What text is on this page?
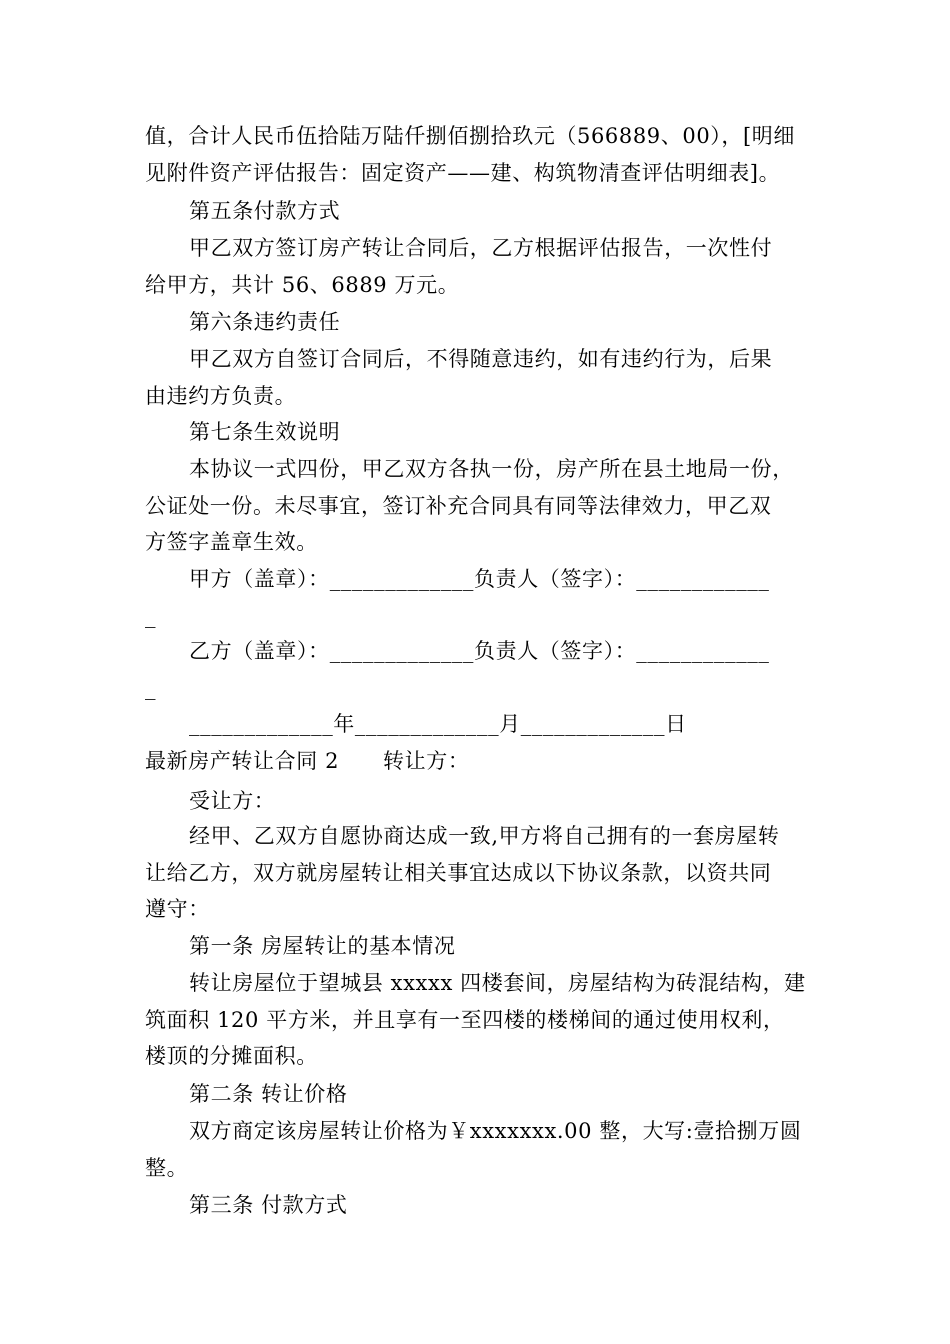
值，合计人民币伍拾陆万陆仟捌佰捌拾玖元（566889、00），[明细
见附件资产评估报告：固定资产——建、构筑物清查评估明细表]。
第五条付款方式
甲乙双方签订房产转让合同后，乙方根据评估报告，一次性付
给甲方，共计 56、6889 万元。
第六条违约责任
甲乙双方自签订合同后，不得随意违约，如有违约行为，后果
由违约方负责。
第七条生效说明
本协议一式四份，甲乙双方各执一份，房产所在县土地局一份，
公证处一份。未尽事宜，签订补充合同具有同等法律效力，甲乙双
方签字盖章生效。
甲方（盖章）：_____________负责人（签字）：____________
_
乙方（盖章）：_____________负责人（签字）：____________
_
_____________年_____________月_____________日
最新房产转让合同 2 转让方：
受让方：
经甲、乙双方自愿协商达成一致,甲方将自己拥有的一套房屋转
让给乙方，双方就房屋转让相关事宜达成以下协议条款，以资共同
遵守：
第一条 房屋转让的基本情况
转让房屋位于望城县 xxxxx 四楼套间，房屋结构为砖混结构，建
筑面积 120 平方米，并且享有一至四楼的楼梯间的通过使用权利，
楼顶的分摊面积。
第二条 转让价格
双方商定该房屋转让价格为￥xxxxxxx.00 整，大写:壹拾捌万圆
整。
第三条 付款方式
